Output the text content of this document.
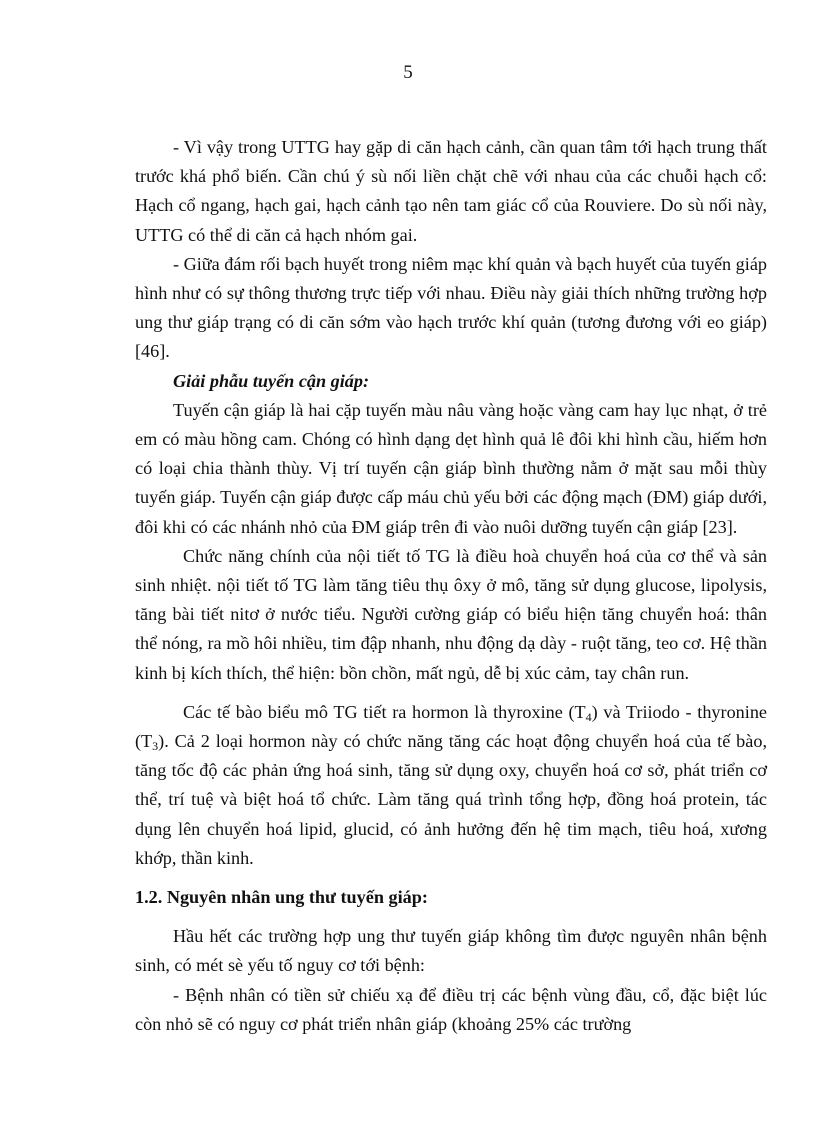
5

- Vì vậy trong UTTG hay gặp di căn hạch cảnh, cần quan tâm tới hạch trung thất trước khá phổ biến. Cần chú ý sù nối liền chặt chẽ với nhau của các chuỗi hạch cổ: Hạch cổ ngang, hạch gai, hạch cảnh tạo nên tam giác cổ của Rouviere. Do sù nối này, UTTG có thể di căn cả hạch nhóm gai.

- Giữa đám rối bạch huyết trong niêm mạc khí quản và bạch huyết của tuyến giáp hình như có sự thông thương trực tiếp với nhau. Điều này giải thích những trường hợp ung thư giáp trạng có di căn sớm vào hạch trước khí quản (tương đương với eo giáp) [46].

Giải phẫu tuyến cận giáp:

Tuyến cận giáp là hai cặp tuyến màu nâu vàng hoặc vàng cam hay lục nhạt, ở trẻ em có màu hồng cam. Chóng có hình dạng dẹt hình quả lê đôi khi hình cầu, hiếm hơn có loại chia thành thùy. Vị trí tuyến cận giáp bình thường nằm ở mặt sau mỗi thùy tuyến giáp. Tuyến cận giáp được cấp máu chủ yếu bởi các động mạch (ĐM) giáp dưới, đôi khi có các nhánh nhỏ của ĐM giáp trên đi vào nuôi dưỡng tuyến cận giáp [23].

Chức năng chính của nội tiết tố TG là điều hoà chuyển hoá của cơ thể và sản sinh nhiệt. nội tiết tố TG làm tăng tiêu thụ ôxy ở mô, tăng sử dụng glucose, lipolysis, tăng bài tiết nitơ ở nước tiểu. Người cường giáp có biểu hiện tăng chuyển hoá: thân thể nóng, ra mồ hôi nhiều, tim đập nhanh, nhu động dạ dày - ruột tăng, teo cơ. Hệ thần kinh bị kích thích, thể hiện: bồn chồn, mất ngủ, dễ bị xúc cảm, tay chân run.

Các tế bào biểu mô TG tiết ra hormon là thyroxine $(T_4)$ và Triiodo - thyronine $(T_3)$. Cả 2 loại hormon này có chức năng tăng các hoạt động chuyển hoá của tế bào, tăng tốc độ các phản ứng hoá sinh, tăng sử dụng oxy, chuyển hoá cơ sở, phát triển cơ thể, trí tuệ và biệt hoá tổ chức. Làm tăng quá trình tổng hợp, đồng hoá protein, tác dụng lên chuyển hoá lipid, glucid, có ảnh hưởng đến hệ tim mạch, tiêu hoá, xương khớp, thần kinh.

1.2. Nguyên nhân ung thư tuyến giáp:

Hầu hết các trường hợp ung thư tuyến giáp không tìm được nguyên nhân bệnh sinh, có mét sè yếu tố nguy cơ tới bệnh:

- Bệnh nhân có tiền sử chiếu xạ để điều trị các bệnh vùng đầu, cổ, đặc biệt lúc còn nhỏ sẽ có nguy cơ phát triển nhân giáp (khoảng 25% các trường
